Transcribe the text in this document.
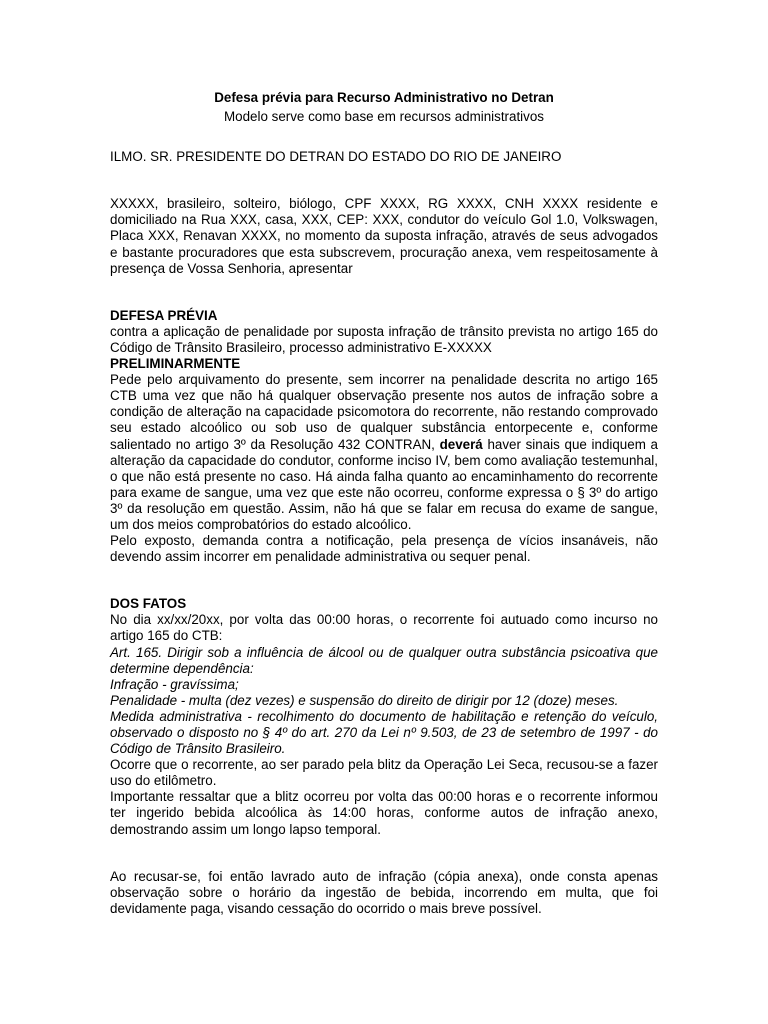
Defesa prévia para Recurso Administrativo no Detran

Modelo serve como base em recursos administrativos

ILMO. SR. PRESIDENTE DO DETRAN DO ESTADO DO RIO DE JANEIRO

XXXXX, brasileiro, solteiro, biólogo, CPF XXXX, RG XXXX, CNH XXXX residente e domiciliado na Rua XXX, casa, XXX, CEP: XXX, condutor do veículo Gol 1.0, Volkswagen, Placa XXX, Renavan XXXX, no momento da suposta infração, através de seus advogados e bastante procuradores que esta subscrevem, procuração anexa, vem respeitosamente à presença de Vossa Senhoria, apresentar

DEFESA PRÉVIA

contra a aplicação de penalidade por suposta infração de trânsito prevista no artigo 165 do Código de Trânsito Brasileiro, processo administrativo E-XXXXX

PRELIMINARMENTE

Pede pelo arquivamento do presente, sem incorrer na penalidade descrita no artigo 165 CTB uma vez que não há qualquer observação presente nos autos de infração sobre a condição de alteração na capacidade psicomotora do recorrente, não restando comprovado seu estado alcoólico ou sob uso de qualquer substância entorpecente e, conforme salientado no artigo 3º da Resolução 432 CONTRAN, deverá haver sinais que indiquem a alteração da capacidade do condutor, conforme inciso IV, bem como avaliação testemunhal, o que não está presente no caso. Há ainda falha quanto ao encaminhamento do recorrente para exame de sangue, uma vez que este não ocorreu, conforme expressa o § 3º do artigo 3º da resolução em questão. Assim, não há que se falar em recusa do exame de sangue, um dos meios comprobatórios do estado alcoólico.

Pelo exposto, demanda contra a notificação, pela presença de vícios insanáveis, não devendo assim incorrer em penalidade administrativa ou sequer penal.

DOS FATOS

No dia xx/xx/20xx, por volta das 00:00 horas, o recorrente foi autuado como incurso no artigo 165 do CTB:

Art. 165. Dirigir sob a influência de álcool ou de qualquer outra substância psicoativa que determine dependência:

Infração - gravíssima;

Penalidade - multa (dez vezes) e suspensão do direito de dirigir por 12 (doze) meses.

Medida administrativa - recolhimento do documento de habilitação e retenção do veículo, observado o disposto no § 4º do art. 270 da Lei nº 9.503, de 23 de setembro de 1997 - do Código de Trânsito Brasileiro.

Ocorre que o recorrente, ao ser parado pela blitz da Operação Lei Seca, recusou-se a fazer uso do etilômetro.

Importante ressaltar que a blitz ocorreu por volta das 00:00 horas e o recorrente informou ter ingerido bebida alcoólica às 14:00 horas, conforme autos de infração anexo, demostrando assim um longo lapso temporal.

Ao recusar-se, foi então lavrado auto de infração (cópia anexa), onde consta apenas observação sobre o horário da ingestão de bebida, incorrendo em multa, que foi devidamente paga, visando cessação do ocorrido o mais breve possível.
